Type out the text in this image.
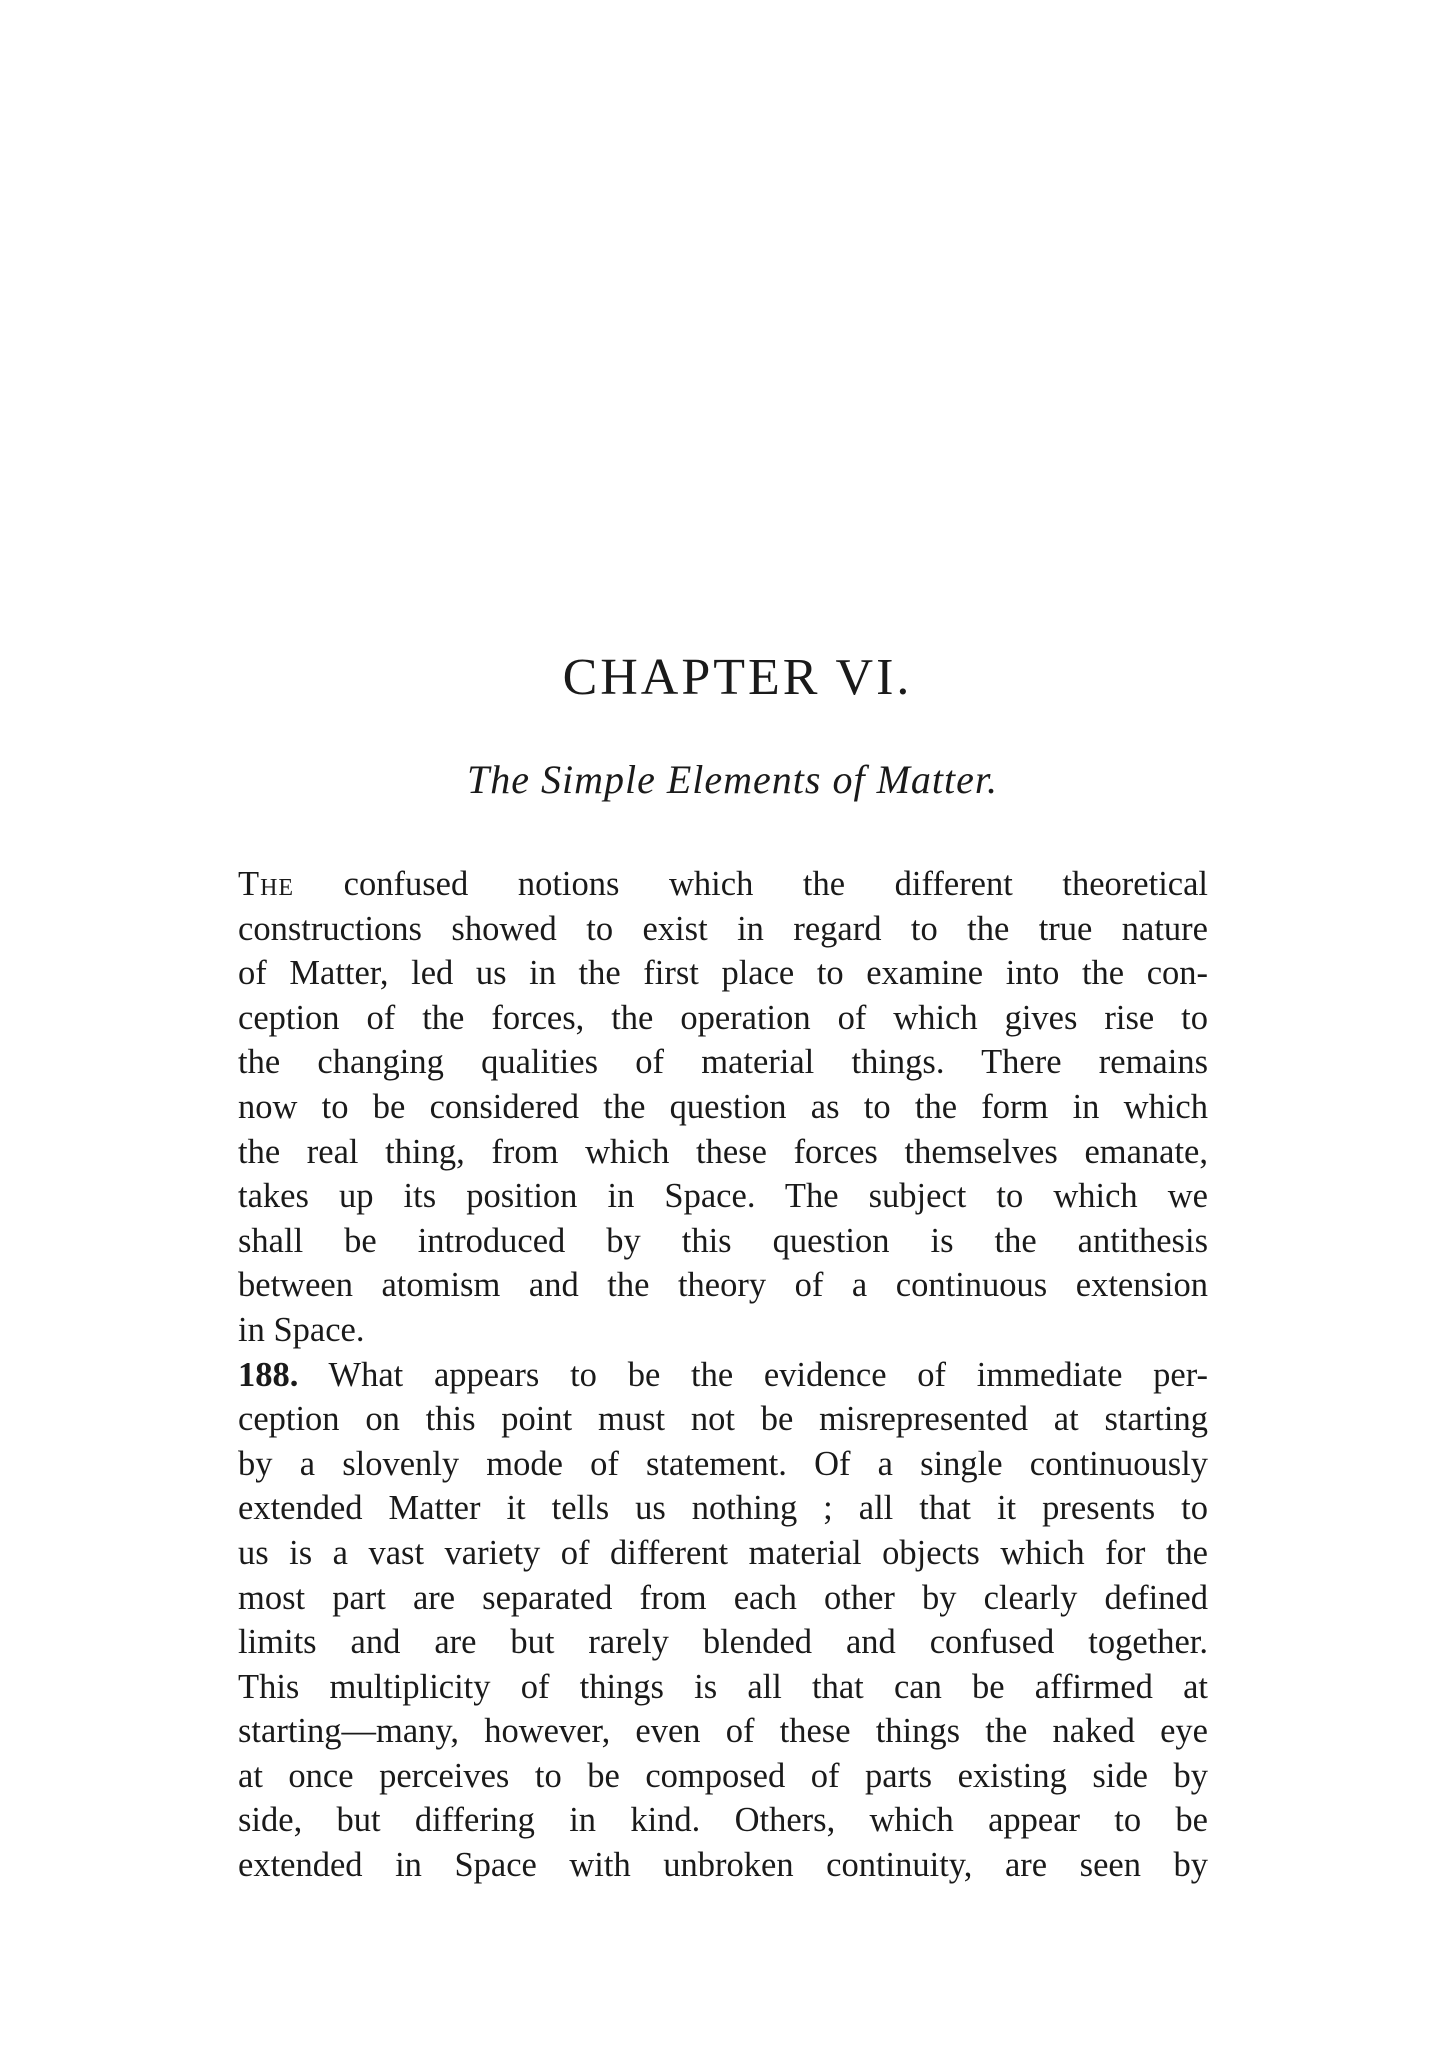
CHAPTER VI.
The Simple Elements of Matter.
The confused notions which the different theoretical
constructions showed to exist in regard to the true nature
of Matter, led us in the first place to examine into the con-
ception of the forces, the operation of which gives rise to
the changing qualities of material things. There remains
now to be considered the question as to the form in which
the real thing, from which these forces themselves emanate,
takes up its position in Space. The subject to which we
shall be introduced by this question is the antithesis
between atomism and the theory of a continuous extension
in Space.
188. What appears to be the evidence of immediate per-
ception on this point must not be misrepresented at starting
by a slovenly mode of statement. Of a single continuously
extended Matter it tells us nothing ; all that it presents to
us is a vast variety of different material objects which for the
most part are separated from each other by clearly defined
limits and are but rarely blended and confused together.
This multiplicity of things is all that can be affirmed at
starting—many, however, even of these things the naked eye
at once perceives to be composed of parts existing side by
side, but differing in kind. Others, which appear to be
extended in Space with unbroken continuity, are seen by
